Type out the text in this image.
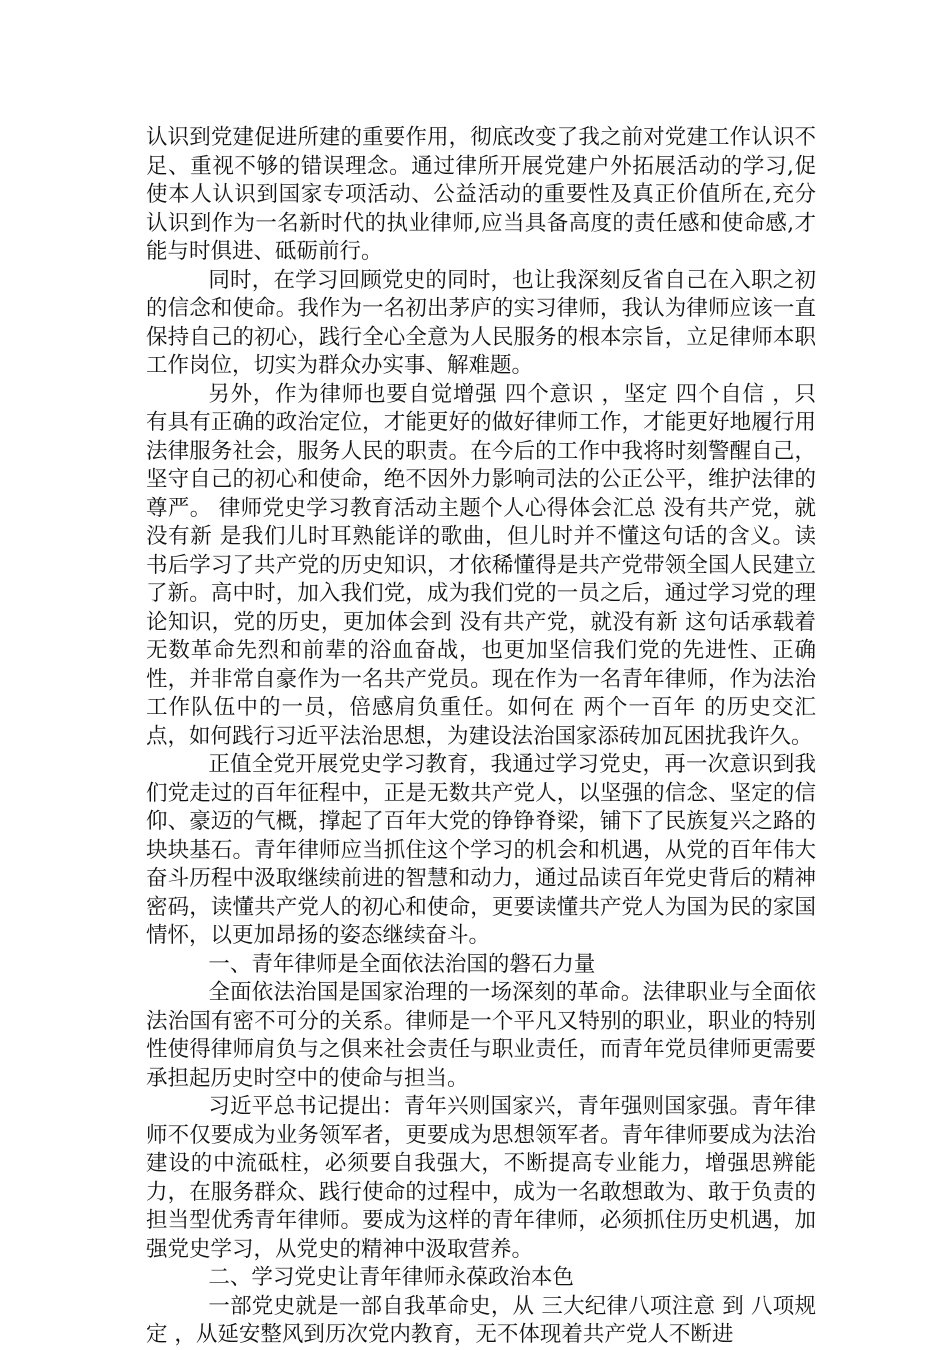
认识到党建促进所建的重要作用，彻底改变了我之前对党建工作认识不足、重视不够的错误理念。通过律所开展党建户外拓展活动的学习,促使本人认识到国家专项活动、公益活动的重要性及真正价值所在,充分认识到作为一名新时代的执业律师,应当具备高度的责任感和使命感,才能与时俱进、砥砺前行。

同时，在学习回顾党史的同时，也让我深刻反省自己在入职之初的信念和使命。我作为一名初出茅庐的实习律师，我认为律师应该一直保持自己的初心，践行全心全意为人民服务的根本宗旨，立足律师本职工作岗位，切实为群众办实事、解难题。

另外，作为律师也要自觉增强 四个意识 ，坚定 四个自信 ，只有具有正确的政治定位，才能更好的做好律师工作，才能更好地履行用法律服务社会，服务人民的职责。在今后的工作中我将时刻警醒自己，坚守自己的初心和使命，绝不因外力影响司法的公正公平，维护法律的尊严。 律师党史学习教育活动主题个人心得体会汇总 没有共产党，就没有新 是我们儿时耳熟能详的歌曲，但儿时并不懂这句话的含义。读书后学习了共产党的历史知识，才依稀懂得是共产党带领全国人民建立了新。高中时，加入我们党，成为我们党的一员之后，通过学习党的理论知识，党的历史，更加体会到 没有共产党，就没有新 这句话承载着无数革命先烈和前辈的浴血奋战，也更加坚信我们党的先进性、正确性，并非常自豪作为一名共产党员。现在作为一名青年律师，作为法治工作队伍中的一员，倍感肩负重任。如何在 两个一百年 的历史交汇点，如何践行习近平法治思想，为建设法治国家添砖加瓦困扰我许久。

正值全党开展党史学习教育，我通过学习党史，再一次意识到我们党走过的百年征程中，正是无数共产党人，以坚强的信念、坚定的信仰、豪迈的气概，撑起了百年大党的铮铮脊梁，铺下了民族复兴之路的块块基石。青年律师应当抓住这个学习的机会和机遇，从党的百年伟大奋斗历程中汲取继续前进的智慧和动力，通过品读百年党史背后的精神密码，读懂共产党人的初心和使命，更要读懂共产党人为国为民的家国情怀，以更加昂扬的姿态继续奋斗。

一、青年律师是全面依法治国的磐石力量

全面依法治国是国家治理的一场深刻的革命。法律职业与全面依法治国有密不可分的关系。律师是一个平凡又特别的职业，职业的特别性使得律师肩负与之俱来社会责任与职业责任，而青年党员律师更需要承担起历史时空中的使命与担当。

习近平总书记提出：青年兴则国家兴，青年强则国家强。青年律师不仅要成为业务领军者，更要成为思想领军者。青年律师要成为法治建设的中流砥柱，必须要自我强大，不断提高专业能力，增强思辨能力，在服务群众、践行使命的过程中，成为一名敢想敢为、敢于负责的担当型优秀青年律师。要成为这样的青年律师，必须抓住历史机遇，加强党史学习，从党史的精神中汲取营养。

二、学习党史让青年律师永葆政治本色

一部党史就是一部自我革命史，从 三大纪律八项注意 到 八项规定 ，从延安整风到历次党内教育，无不体现着共产党人不断进
